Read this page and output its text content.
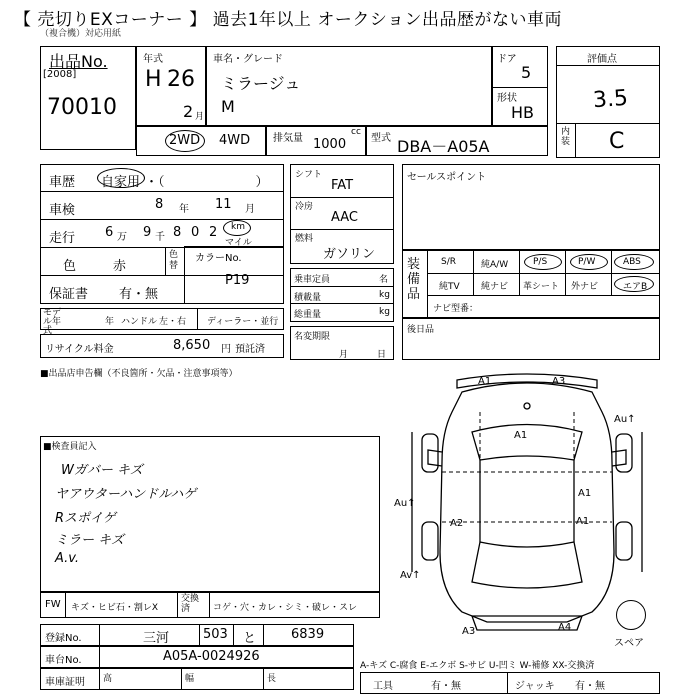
【 売切りEXコーナー 】 過去1年以上 オークション出品歴がない車両
（複合機）対応用紙
出品No.
[2008]
70010
年式
H 26
2 月
車名・グレード
ミラージュ
M
ドア
5
形状
HB
評価点
3.5
内装 C
2WD 4WD 排気量 1000
cc
型式 DBA－A05A
車歴 自家用 ・（　　　　　　　）
車検	8 年 11 月
走行 6 万 9 千 8 0 2 km
マイル
色	赤
色替
保証書 有・無
カラーNo.
P19
モデル年式
年 ハンドル 左・右 ディーラー・並行
リサイクル料金	8,650 円 預託済
シフト
FAT
冷房
AAC
燃料
ガソリン
乗車定員	名
積載量	kg
総重量	kg
名変期限
月	日
セールスポイント
装備品
S/R	純A/W	P/S	P/W	ABS
純TV 純ナビ 革シート 外ナビ	エアB
ナビ型番：
後日品
■出品店申告欄（不良箇所・欠品・注意事項等）
■検査員記入
Wガバー キズ
ヤアウターハンドルハゲ
Rスポイゲ
ミラー キズ
A.v.
FW キズ・ヒビ石・割レX
交換済	コゲ・穴・カレ・シミ・破レ・スレ
登録No.	三河	503 と	6839
車台No.	A05A-0024926
車庫証明 高	幅	長
A1	A3
Au↑
A1
Au↑
A2
A1
A1
Av↑
A3	A4
スペア
A-キズ C-腐食 E-エクボ S-サビ U-凹ミ W-補修 XX-交換済
工具	有・無	ジャッキ 有・無
